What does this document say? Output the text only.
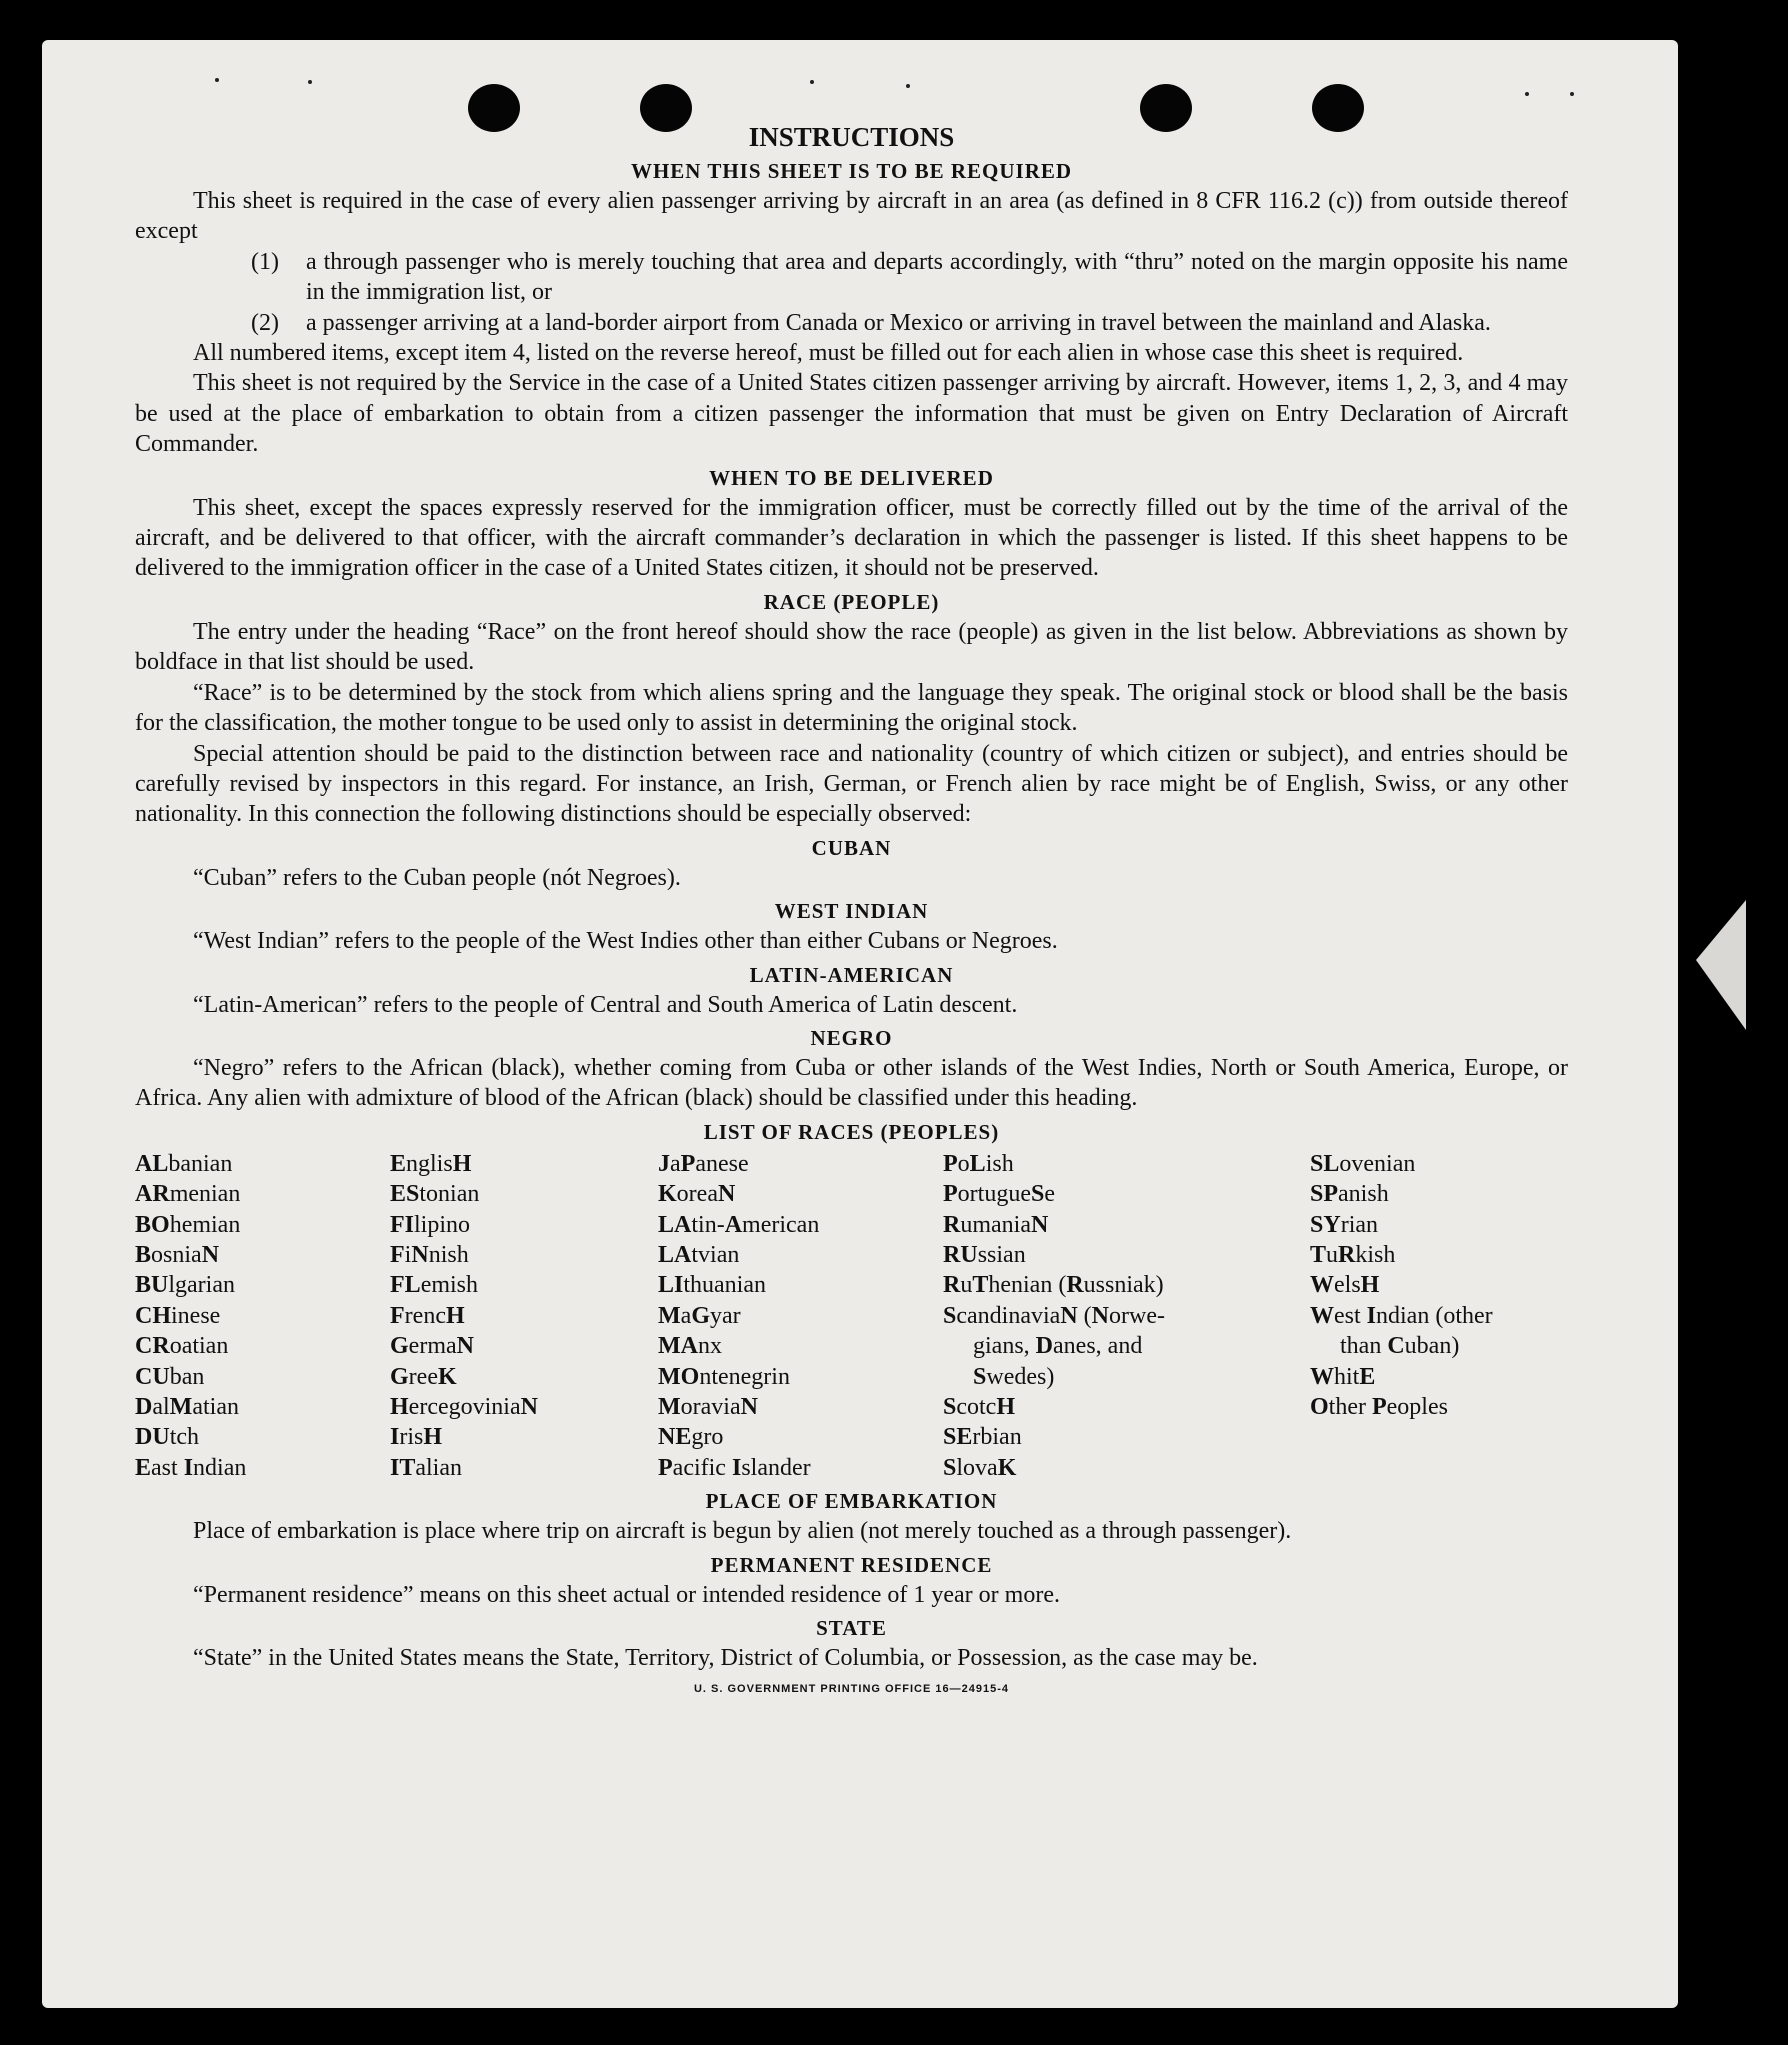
INSTRUCTIONS
WHEN THIS SHEET IS TO BE REQUIRED

This sheet is required in the case of every alien passenger arriving by aircraft in an area (as defined in 8 CFR 116.2 (c)) from outside thereof except

(1)	a through passenger who is merely touching that area and departs accordingly, with “thru” noted on the margin opposite his name in the immigration list, or
(2)	a passenger arriving at a land-border airport from Canada or Mexico or arriving in travel between the mainland and Alaska.

All numbered items, except item 4, listed on the reverse hereof, must be filled out for each alien in whose case this sheet is required.

This sheet is not required by the Service in the case of a United States citizen passenger arriving by aircraft. However, items 1, 2, 3, and 4 may be used at the place of embarkation to obtain from a citizen passenger the information that must be given on Entry Declaration of Aircraft Commander.

WHEN TO BE DELIVERED

This sheet, except the spaces expressly reserved for the immigration officer, must be correctly filled out by the time of the arrival of the aircraft, and be delivered to that officer, with the aircraft commander’s declaration in which the passenger is listed. If this sheet happens to be delivered to the immigration officer in the case of a United States citizen, it should not be preserved.

RACE (PEOPLE)

The entry under the heading “Race” on the front hereof should show the race (people) as given in the list below. Abbreviations as shown by boldface in that list should be used.

“Race” is to be determined by the stock from which aliens spring and the language they speak. The original stock or blood shall be the basis for the classification, the mother tongue to be used only to assist in determining the original stock.

Special attention should be paid to the distinction between race and nationality (country of which citizen or subject), and entries should be carefully revised by inspectors in this regard. For instance, an Irish, German, or French alien by race might be of English, Swiss, or any other nationality. In this connection the following distinctions should be especially observed:

CUBAN

“Cuban” refers to the Cuban people (nót Negroes).

WEST INDIAN

“West Indian” refers to the people of the West Indies other than either Cubans or Negroes.

LATIN-AMERICAN

“Latin-American” refers to the people of Central and South America of Latin descent.

NEGRO

“Negro” refers to the African (black), whether coming from Cuba or other islands of the West Indies, North or South America, Europe, or Africa. Any alien with admixture of blood of the African (black) should be classified under this heading.

LIST OF RACES (PEOPLES)
ALbanian
ARmenian
BOhemian
BosniaN
BUlgarian
CHinese
CRoatian
CUban
DalMatian
DUtch
East Indian
EnglisH
EStonian
FIlipino
FiNnish
FLemish
FrencH
GermaN
GreeK
HercegoviniaN
IrisH
ITalian
JaPanese
KoreaN
LAtin-American
LAtvian
LIthuanian
MaGyar
MAnx
MOntenegrin
MoraviaN
NEgro
Pacific Islander
PoLish
PortugueSe
RumaniaN
RUssian
RuThenian (Russniak)
ScandinaviaN (Norwe-
gians, Danes, and
Swedes)
ScotcH
SErbian
SlovaK
SLovenian
SPanish
SYrian
TuRkish
WelsH
West Indian (other
than Cuban)
WhitE
Other Peoples
PLACE OF EMBARKATION

Place of embarkation is place where trip on aircraft is begun by alien (not merely touched as a through passenger).

PERMANENT RESIDENCE

“Permanent residence” means on this sheet actual or intended residence of 1 year or more.

STATE

“State” in the United States means the State, Territory, District of Columbia, or Possession, as the case may be.

U. S. GOVERNMENT PRINTING OFFICE 16—24915-4
